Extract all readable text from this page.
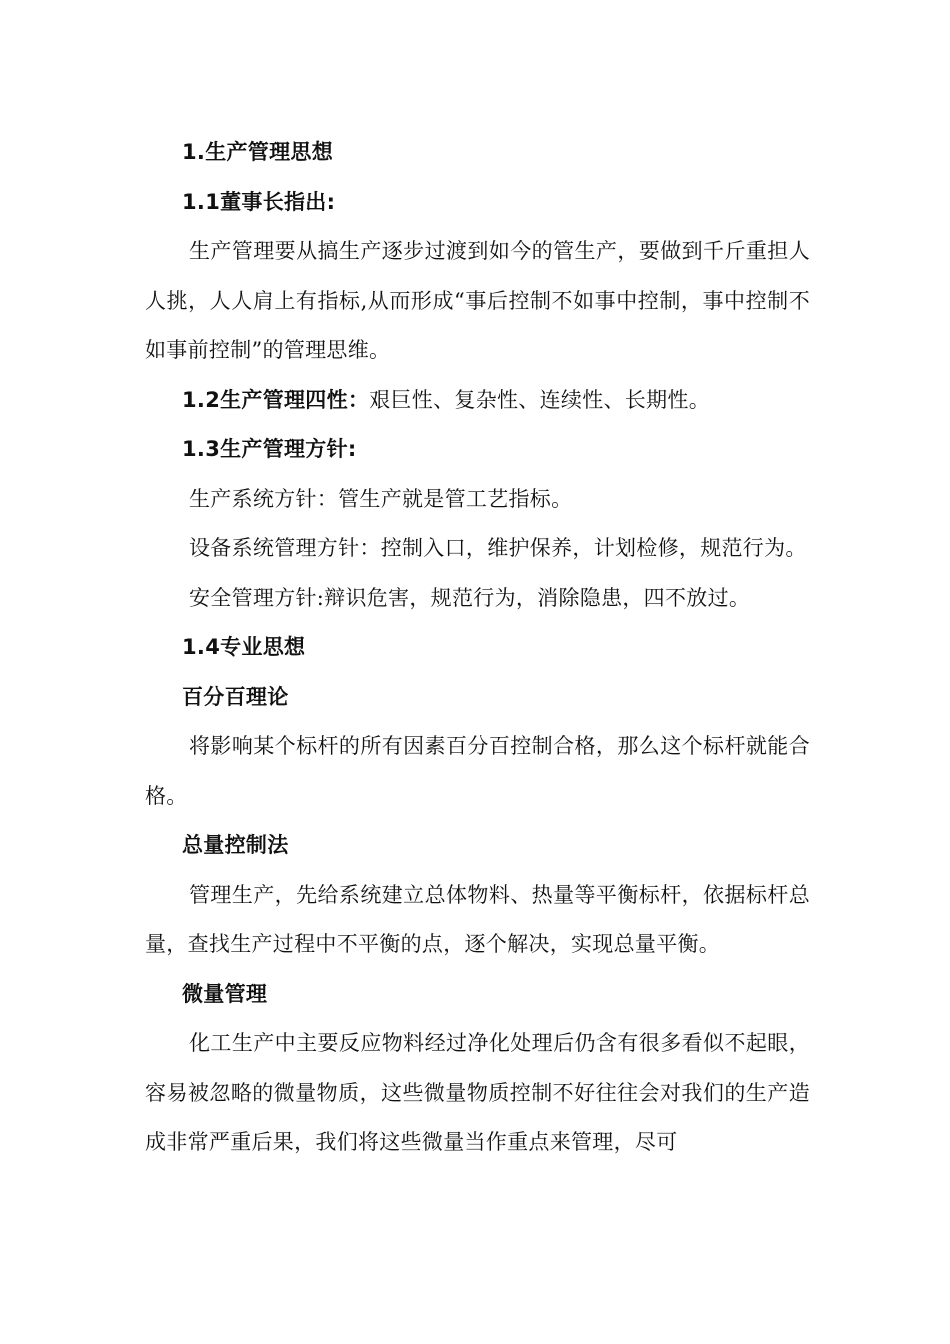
1.生产管理思想
1.1董事长指出:
生产管理要从搞生产逐步过渡到如今的管生产，要做到千斤重担人人挑，人人肩上有指标,从而形成“事后控制不如事中控制，事中控制不如事前控制”的管理思维。
1.2生产管理四性：艰巨性、复杂性、连续性、长期性。
1.3生产管理方针:
生产系统方针：管生产就是管工艺指标。
设备系统管理方针：控制入口，维护保养，计划检修，规范行为。
安全管理方针:辩识危害，规范行为，消除隐患，四不放过。
1.4专业思想
百分百理论
将影响某个标杆的所有因素百分百控制合格，那么这个标杆就能合格。
总量控制法
管理生产，先给系统建立总体物料、热量等平衡标杆，依据标杆总量，查找生产过程中不平衡的点，逐个解决，实现总量平衡。
微量管理
化工生产中主要反应物料经过净化处理后仍含有很多看似不起眼，容易被忽略的微量物质，这些微量物质控制不好往往会对我们的生产造成非常严重后果，我们将这些微量当作重点来管理，尽可
